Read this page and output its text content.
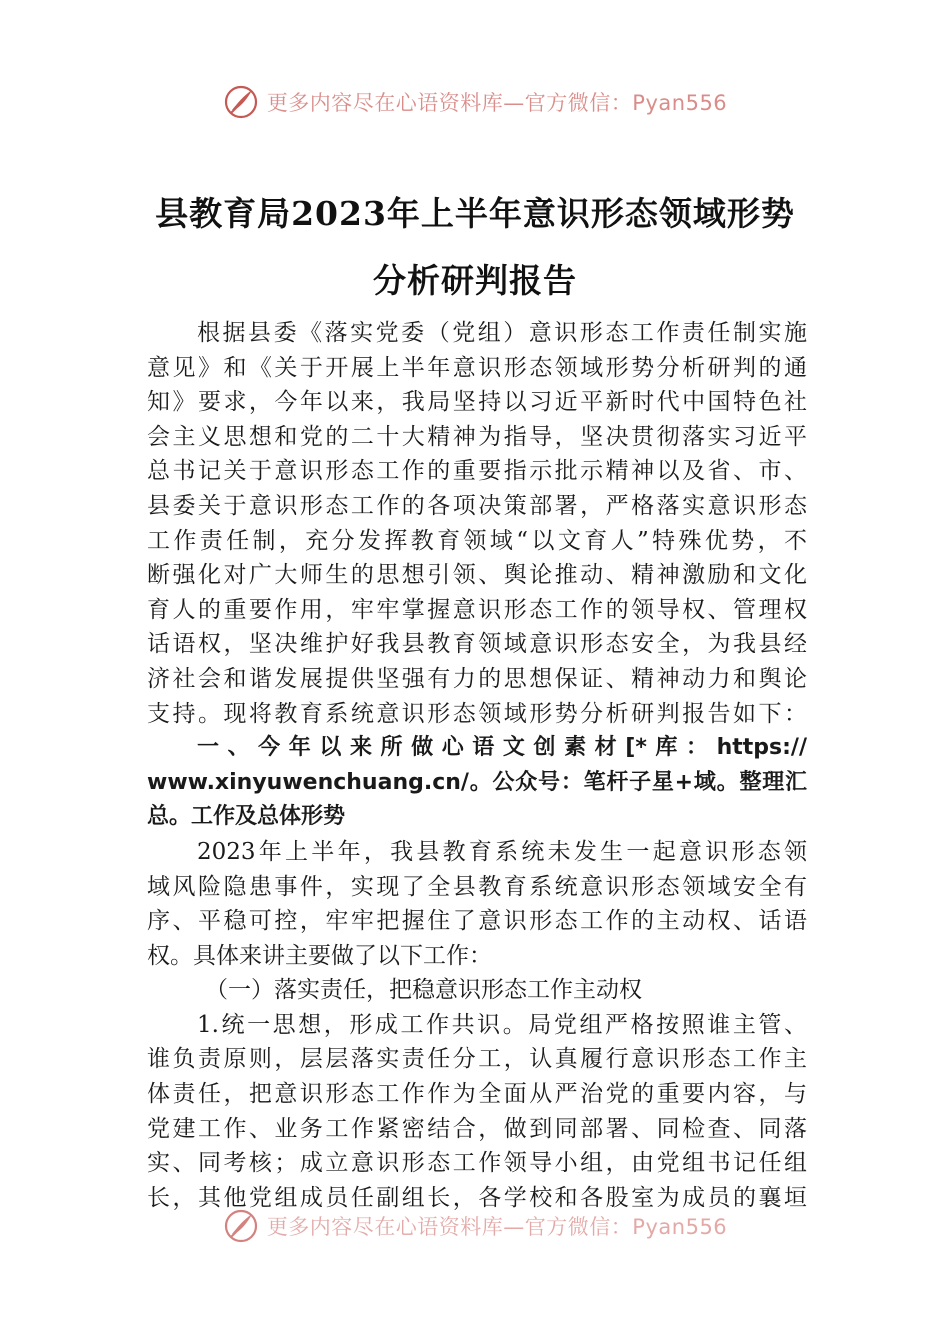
更多内容尽在心语资料库—官方微信：Pyan556
县教育局2023年上半年意识形态领域形势
分析研判报告
根据县委《落实党委（党组）意识形态工作责任制实施
意见》和《关于开展上半年意识形态领域形势分析研判的通
知》要求，今年以来，我局坚持以习近平新时代中国特色社
会主义思想和党的二十大精神为指导，坚决贯彻落实习近平
总书记关于意识形态工作的重要指示批示精神以及省、市、
县委关于意识形态工作的各项决策部署，严格落实意识形态
工作责任制，充分发挥教育领域“以文育人”特殊优势，不
断强化对广大师生的思想引领、舆论推动、精神激励和文化
育人的重要作用，牢牢掌握意识形态工作的领导权、管理权
话语权，坚决维护好我县教育领域意识形态安全，为我县经
济社会和谐发展提供坚强有力的思想保证、精神动力和舆论
支持。现将教育系统意识形态领域形势分析研判报告如下：
一、今年以来所做心语文创素材[*库：https://
www.xinyuwenchuang.cn/。公众号：笔杆子星+域。整理汇
总。工作及总体形势
2023年上半年，我县教育系统未发生一起意识形态领
域风险隐患事件，实现了全县教育系统意识形态领域安全有
序、平稳可控，牢牢把握住了意识形态工作的主动权、话语
权。具体来讲主要做了以下工作：
（一）落实责任，把稳意识形态工作主动权
1.统一思想，形成工作共识。局党组严格按照谁主管、
谁负责原则，层层落实责任分工，认真履行意识形态工作主
体责任，把意识形态工作作为全面从严治党的重要内容，与
党建工作、业务工作紧密结合，做到同部署、同检查、同落
实、同考核；成立意识形态工作领导小组，由党组书记任组
长，其他党组成员任副组长，各学校和各股室为成员的襄垣
更多内容尽在心语资料库—官方微信：Pyan556
